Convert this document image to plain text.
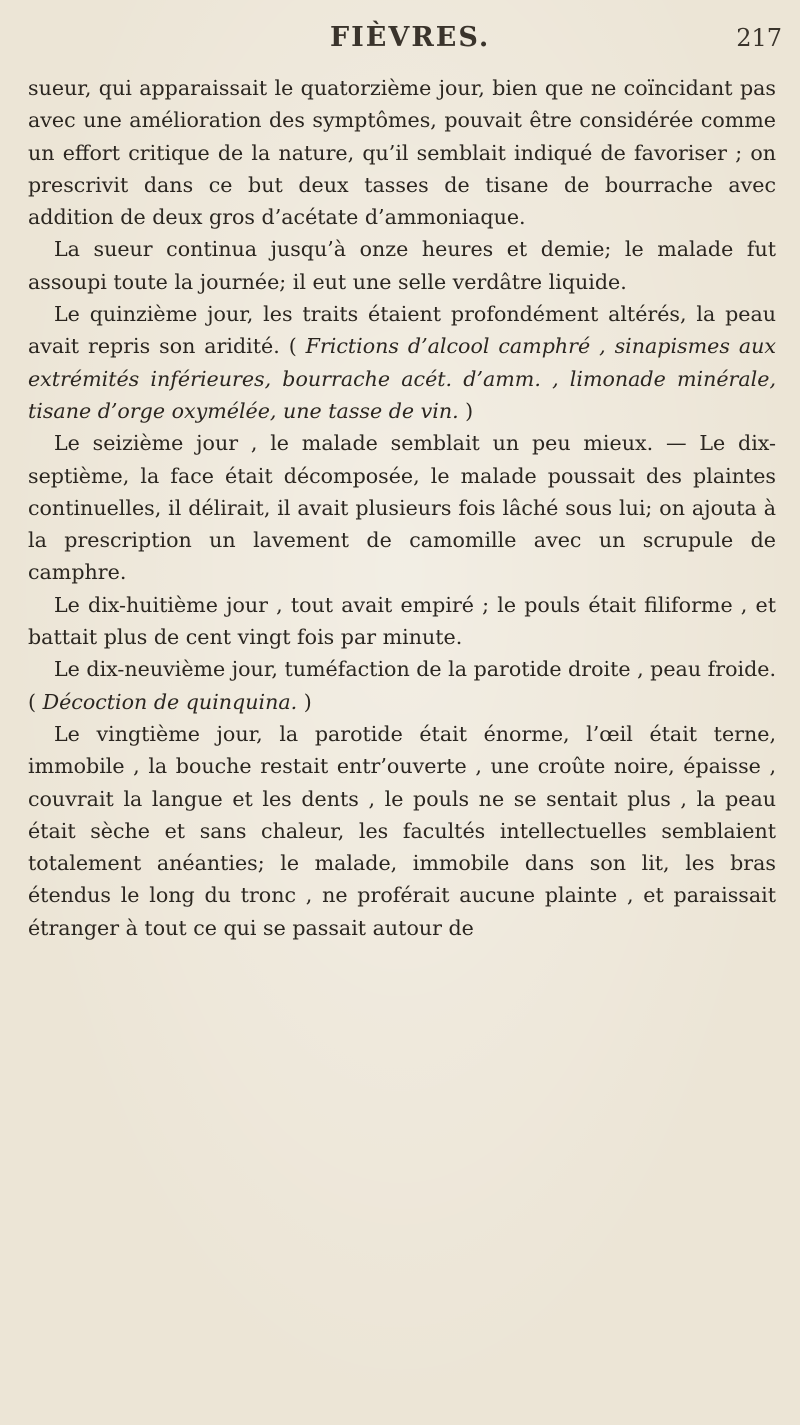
FIÈVRES.	217

sueur, qui apparaissait le quatorzième jour, bien que ne coïncidant pas avec une amélioration des symptômes, pouvait être considérée comme un effort critique de la nature, qu’il semblait indiqué de favoriser ; on prescrivit dans ce but deux tasses de tisane de bourrache avec addition de deux gros d’acétate d’ammoniaque.

La sueur continua jusqu’à onze heures et demie; le malade fut assoupi toute la journée; il eut une selle verdâtre liquide.

Le quinzième jour, les traits étaient profondément altérés, la peau avait repris son aridité. ( Frictions d’alcool camphré , sinapismes aux extrémités inférieures, bourrache acét. d’amm. , limonade minérale, tisane d’orge oxymélée, une tasse de vin. )

Le seizième jour , le malade semblait un peu mieux. — Le dix-septième, la face était décomposée, le malade poussait des plaintes continuelles, il délirait, il avait plusieurs fois lâché sous lui; on ajouta à la prescription un lavement de camomille avec un scrupule de camphre.

Le dix-huitième jour , tout avait empiré ; le pouls était filiforme , et battait plus de cent vingt fois par minute.

Le dix-neuvième jour, tuméfaction de la parotide droite , peau froide. ( Décoction de quinquina. )

Le vingtième jour, la parotide était énorme, l’œil était terne, immobile , la bouche restait entr’ouverte , une croûte noire, épaisse , couvrait la langue et les dents , le pouls ne se sentait plus , la peau était sèche et sans chaleur, les facultés intellectuelles semblaient totalement anéanties; le malade, immobile dans son lit, les bras étendus le long du tronc , ne proférait aucune plainte , et paraissait étranger à tout ce qui se passait autour de
